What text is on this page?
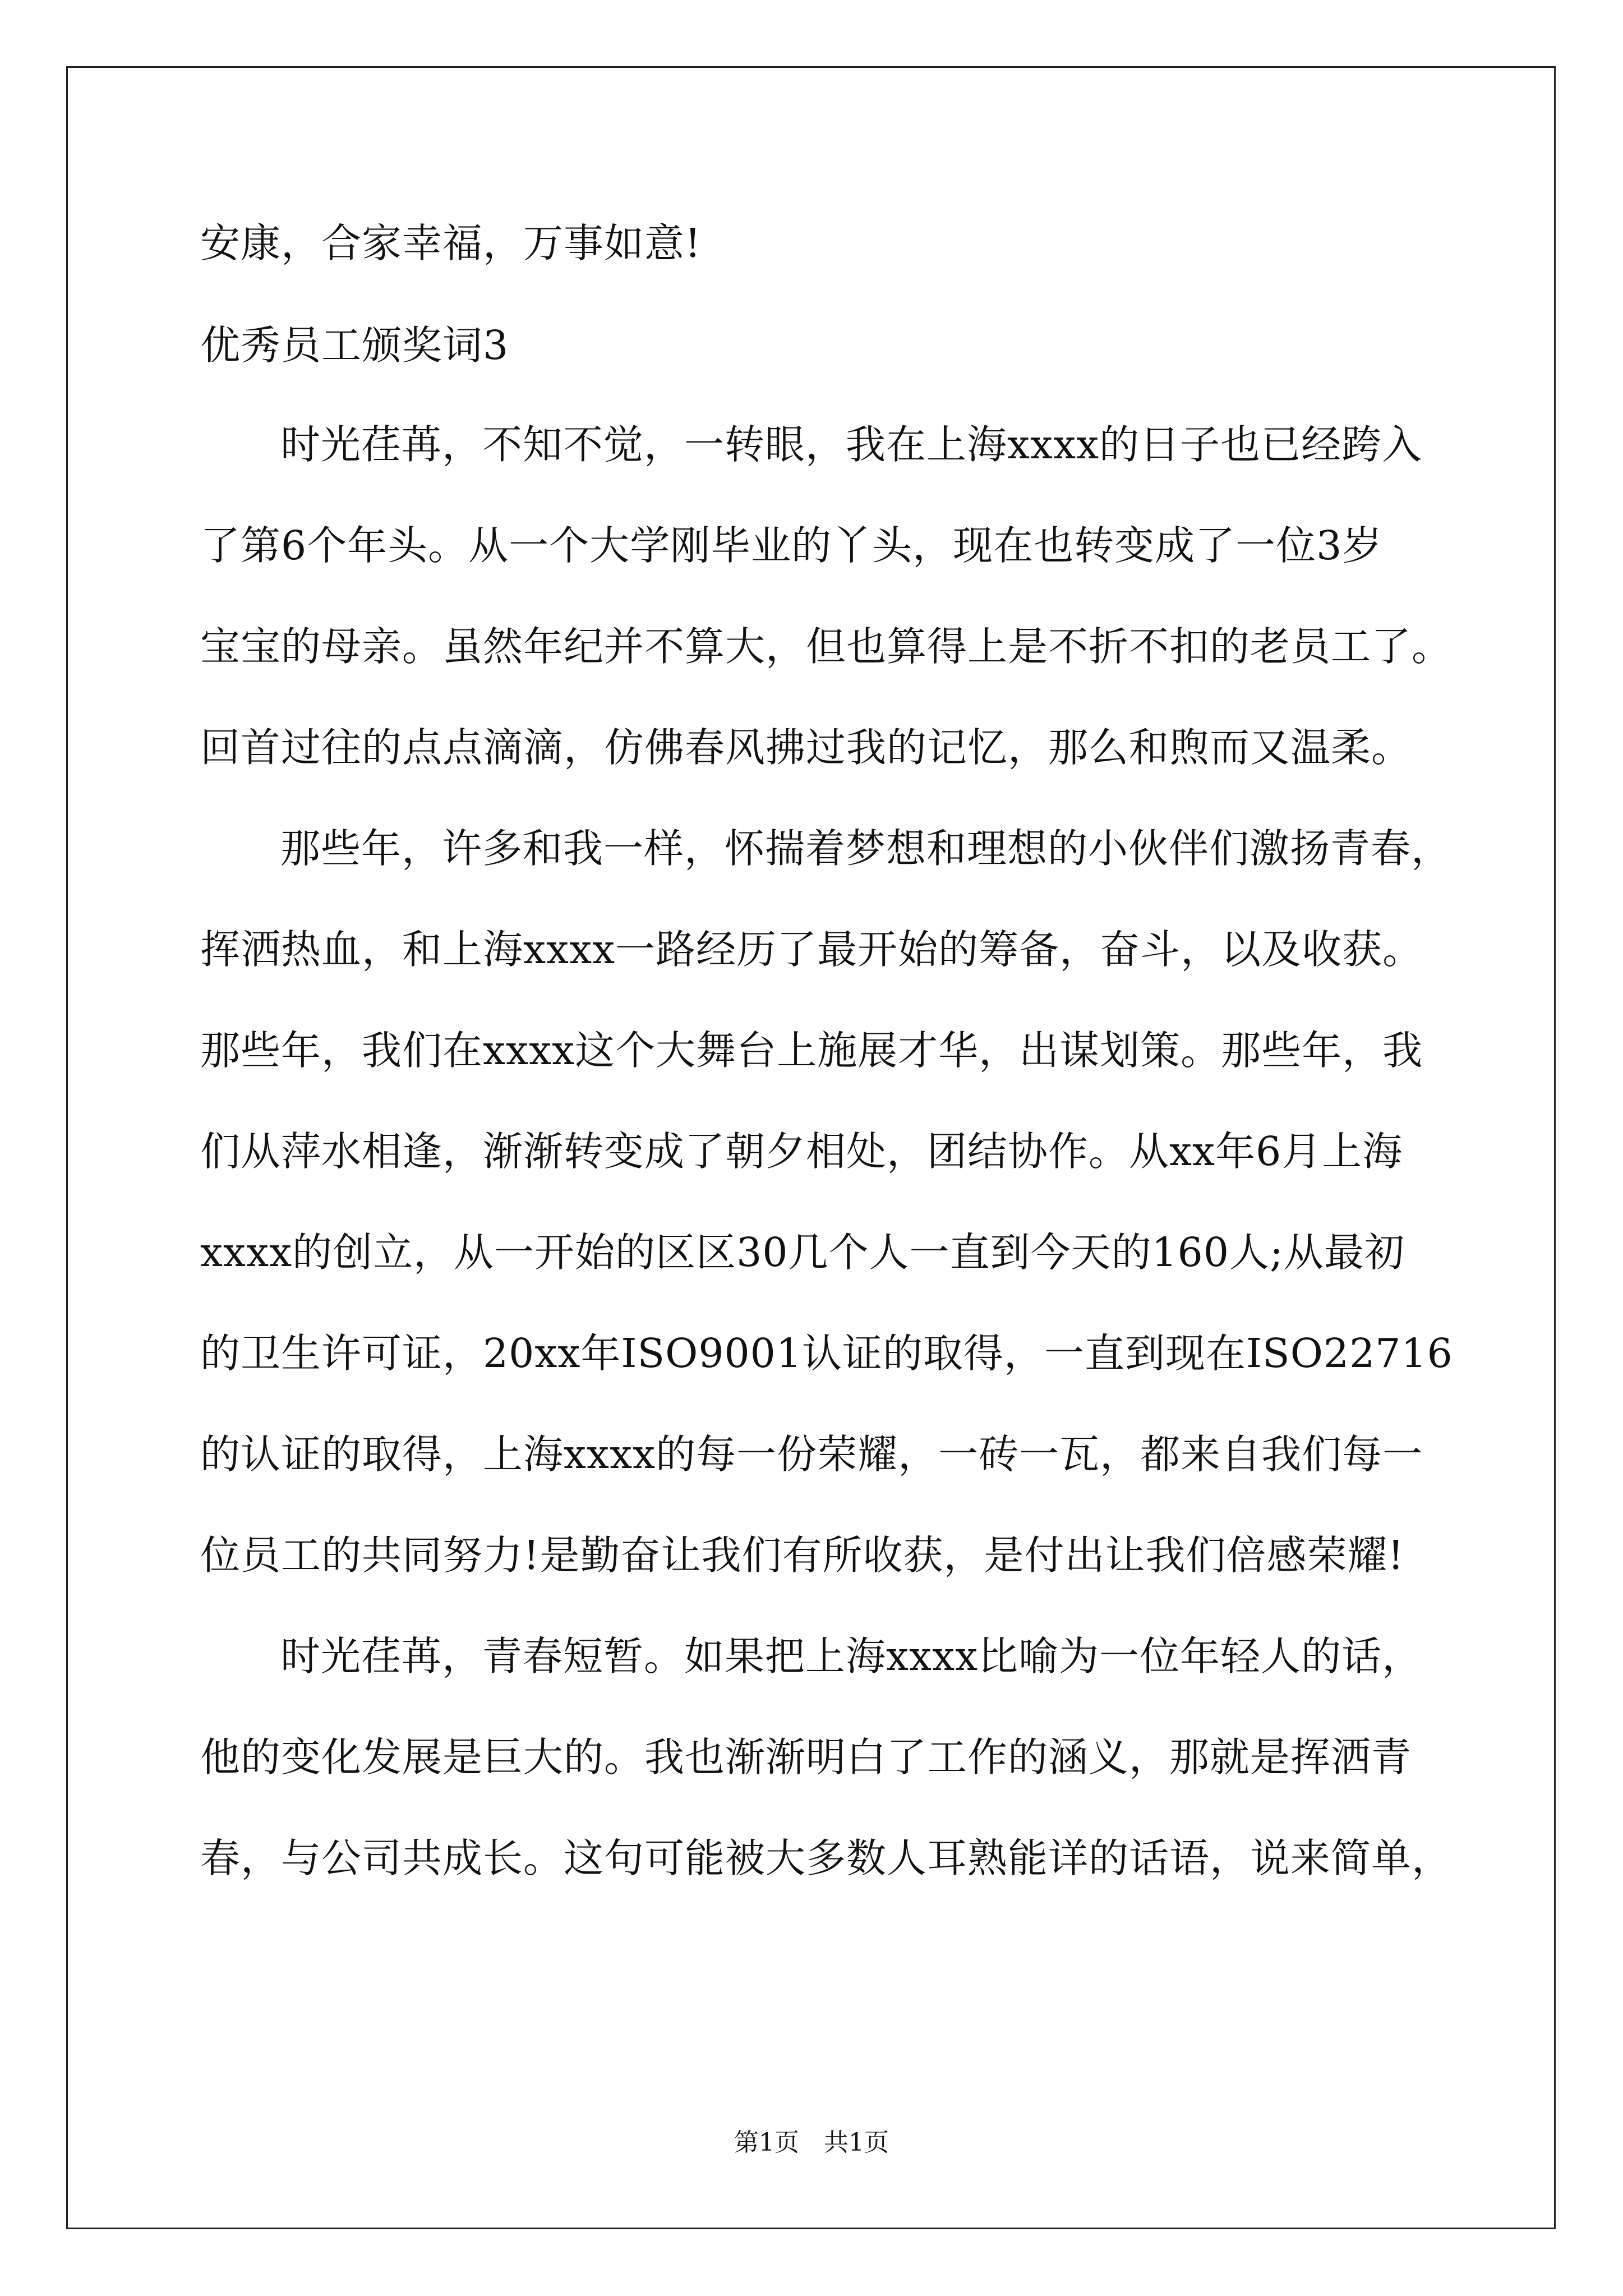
安康，合家幸福，万事如意!

优秀员工颁奖词3

时光荏苒，不知不觉，一转眼，我在上海xxxx的日子也已经跨入

了第6个年头。从一个大学刚毕业的丫头，现在也转变成了一位3岁

宝宝的母亲。虽然年纪并不算大，但也算得上是不折不扣的老员工了。

回首过往的点点滴滴，仿佛春风拂过我的记忆，那么和煦而又温柔。

那些年，许多和我一样，怀揣着梦想和理想的小伙伴们激扬青春，

挥洒热血，和上海xxxx一路经历了最开始的筹备，奋斗，以及收获。

那些年，我们在xxxx这个大舞台上施展才华，出谋划策。那些年，我

们从萍水相逢，渐渐转变成了朝夕相处，团结协作。从xx年6月上海

xxxx的创立，从一开始的区区30几个人一直到今天的160人;从最初

的卫生许可证，20xx年ISO9001认证的取得，一直到现在ISO22716

的认证的取得，上海xxxx的每一份荣耀，一砖一瓦，都来自我们每一

位员工的共同努力!是勤奋让我们有所收获，是付出让我们倍感荣耀!

时光荏苒，青春短暂。如果把上海xxxx比喻为一位年轻人的话，

他的变化发展是巨大的。我也渐渐明白了工作的涵义，那就是挥洒青

春，与公司共成长。这句可能被大多数人耳熟能详的话语，说来简单，

第1页　共1页
